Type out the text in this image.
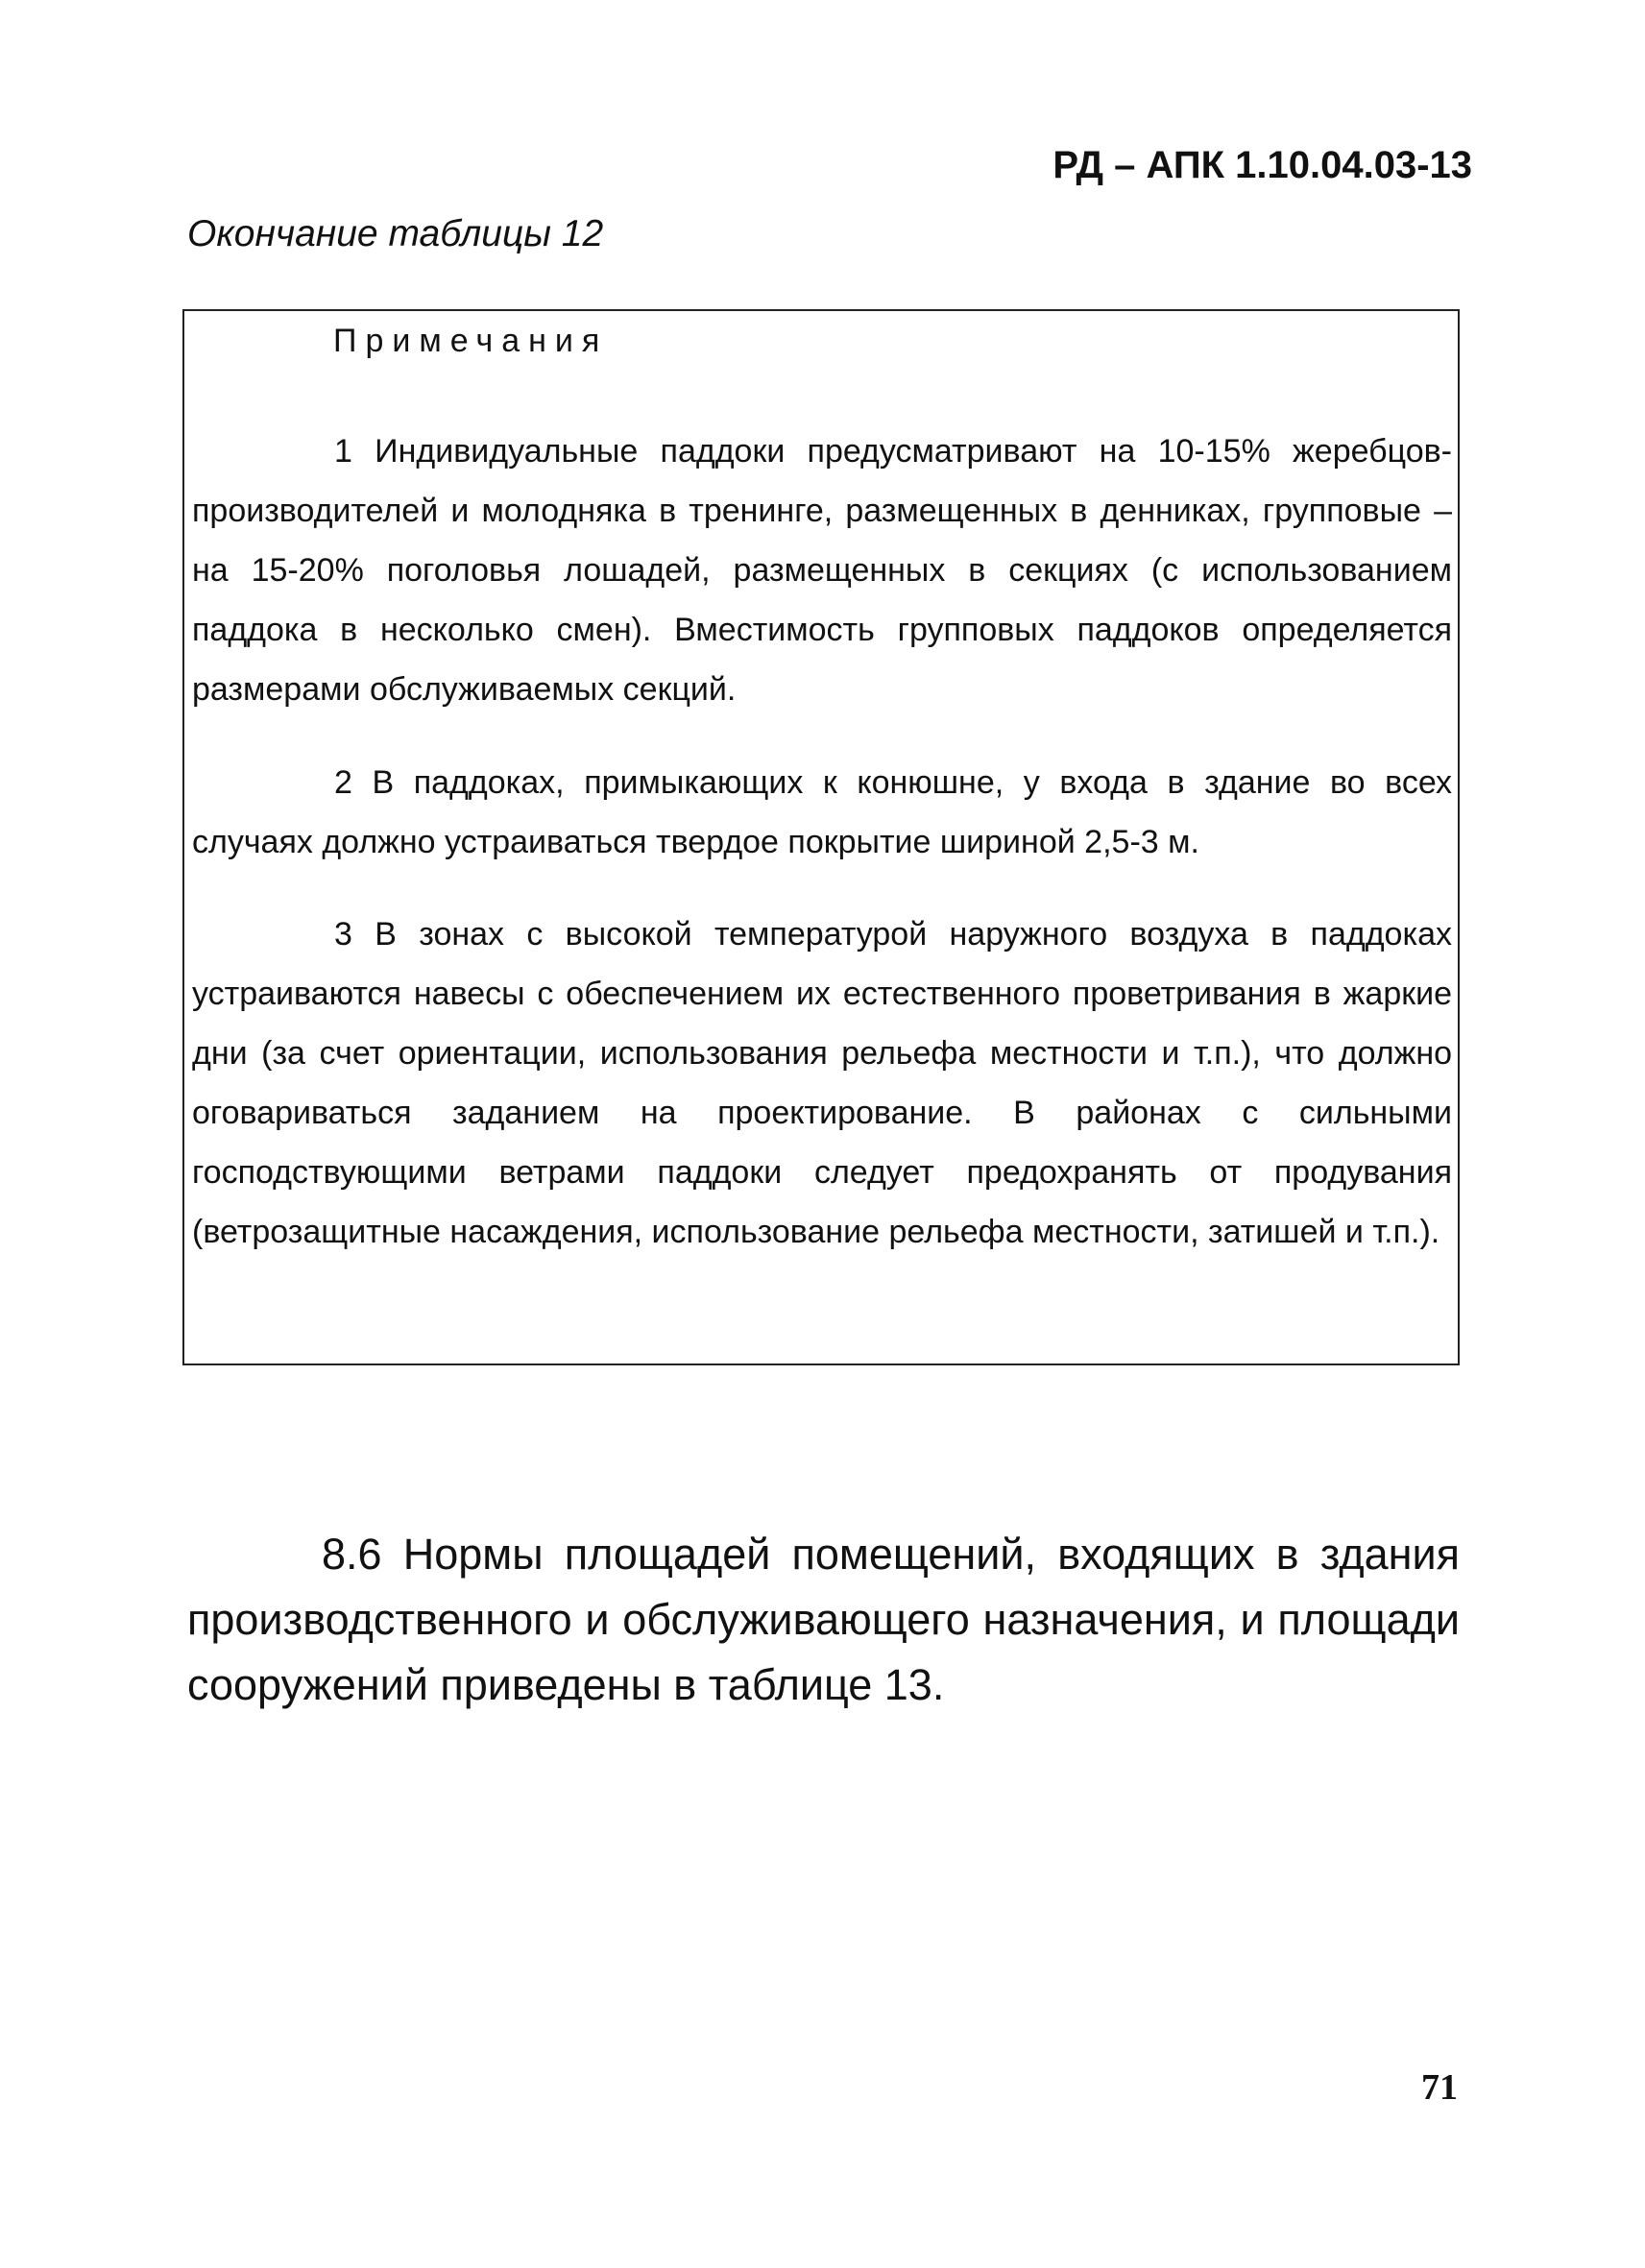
РД – АПК 1.10.04.03-13
Окончание таблицы 12
Примечания

1 Индивидуальные паддоки предусматривают на 10-15% жеребцов-производителей и молодняка в тренинге, размещенных в денниках, групповые – на 15-20% поголовья лошадей, размещенных в секциях (с использованием паддока в несколько смен). Вместимость групповых паддоков определяется размерами обслуживаемых секций.

2 В паддоках, примыкающих к конюшне, у входа в здание во всех случаях должно устраиваться твердое покрытие шириной 2,5-3 м.

3 В зонах с высокой температурой наружного воздуха в паддоках устраиваются навесы с обеспечением их естественного проветривания в жаркие дни (за счет ориентации, использования рельефа местности и т.п.), что должно оговариваться заданием на проектирование. В районах с сильными господствующими ветрами паддоки следует предохранять от продувания (ветрозащитные насаждения, использование рельефа местности, затишей и т.п.).

8.6 Нормы площадей помещений, входящих в здания производственного и обслуживающего назначения, и площади сооружений приведены в таблице 13.

71
